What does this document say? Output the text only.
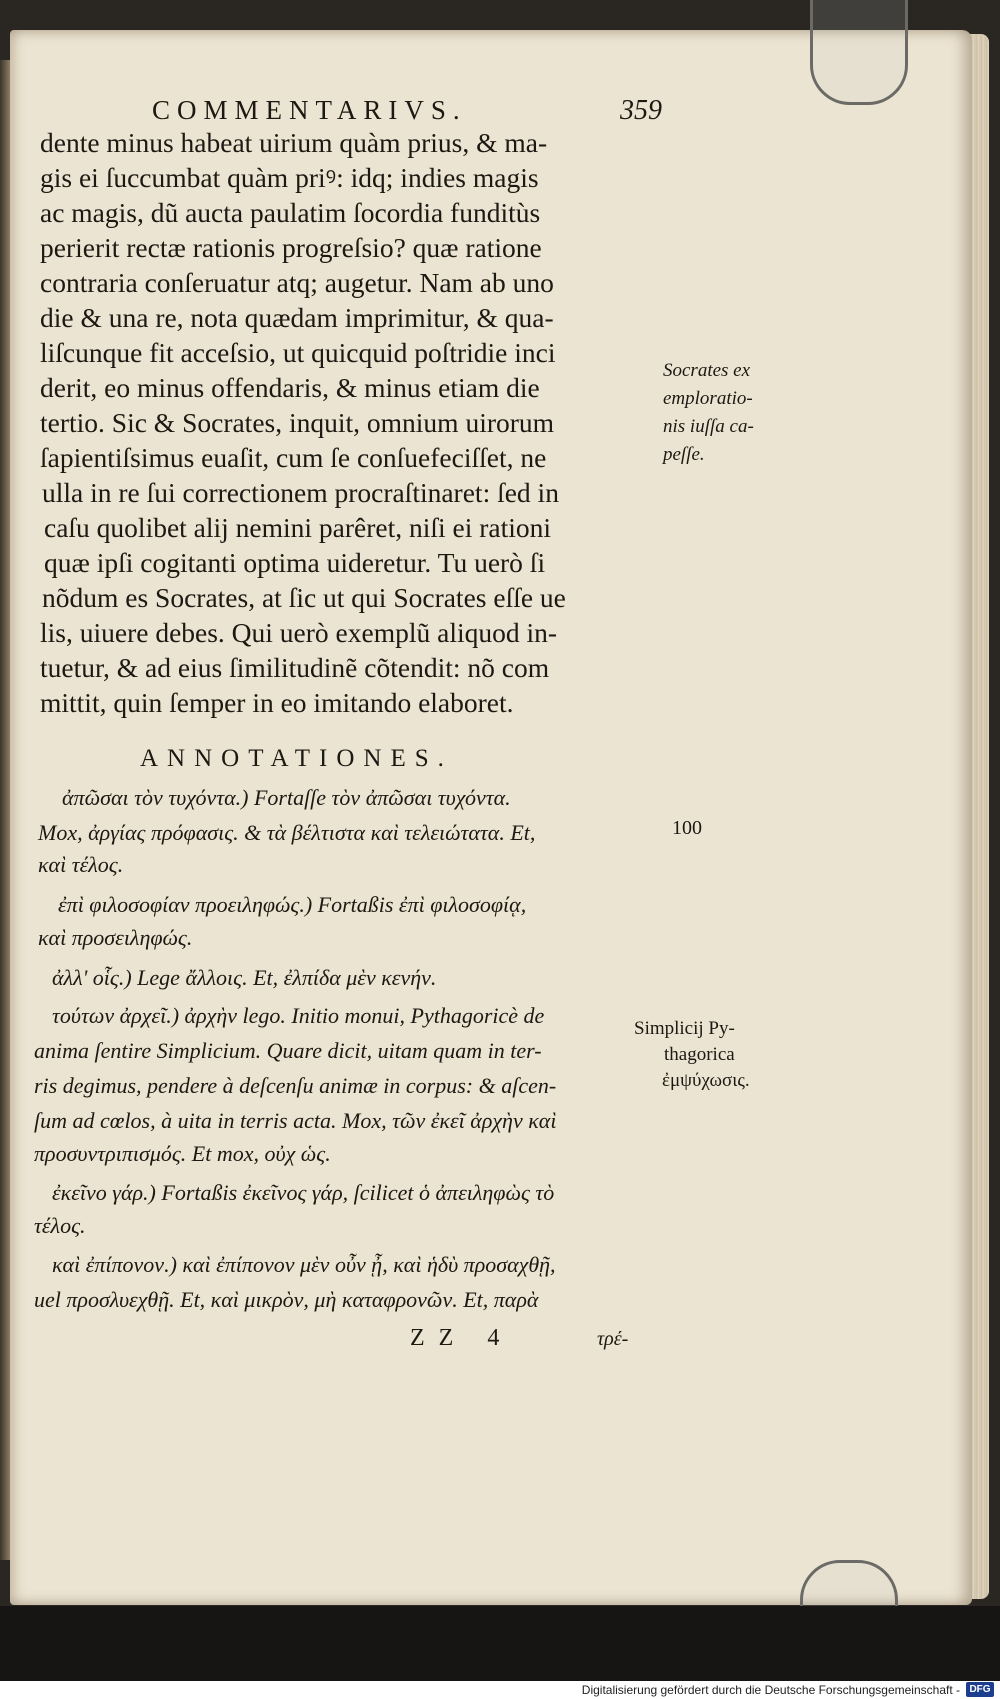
COMMENTARIVS.	359
dente minus habeat uirium quàm prius, & ma-
gis ei ſuccumbat quàm priꝰ: idq; indies magis
ac magis, dũ aucta paulatim ſocordia funditùs
perierit rectæ rationis progreſsio? quæ ratione
contraria conſeruatur atq; augetur. Nam ab uno
die & una re, nota quædam imprimitur, & qua-
liſcunque fit acceſsio, ut quicquid poſtridie inci
derit, eo minus offendaris, & minus etiam die
tertio. Sic & Socrates, inquit, omnium uirorum
ſapientiſsimus euaſit, cum ſe conſuefeciſſet, ne
ulla in re ſui correctionem procraſtinaret: ſed in
caſu quolibet alij nemini parêret, niſi ei rationi
quæ ipſi cogitanti optima uideretur. Tu uerò ſi
nõdum es Socrates, at ſic ut qui Socrates eſſe ue
lis, uiuere debes. Qui uerò exemplũ aliquod in-
tuetur, & ad eius ſimilitudinẽ cõtendit: nõ com
mittit, quin ſemper in eo imitando elaboret.
Socrates ex
emploratio-
nis iuſſa ca-
peſſe.
ANNOTATIONES.
ἀπῶσαι τὸν τυχόντα.) Fortaſſe τὸν ἀπῶσαι τυχόντα.
Mox, ἀργίας πρόφασις. & τὰ βέλτιστα καὶ τελειώτατα. Et,
καὶ τέλος.
ἐπὶ φιλοσοφίαν προειληφώς.) Fortaßis ἐπὶ φιλοσοφίᾳ,
καὶ προσειληφώς.
ἀλλ' οἷς.) Lege ἄλλοις. Et, ἐλπίδα μὲν κενήν.
τούτων ἀρχεῖ.) ἀρχὴν lego. Initio monui, Pythagoricè de
anima ſentire Simplicium. Quare dicit, uitam quam in ter-
ris degimus, pendere à deſcenſu animæ in corpus: & aſcen-
ſum ad cœlos, à uita in terris acta. Mox, τῶν ἐκεῖ ἀρχὴν καὶ
προσυντριπισμός. Et mox, οὐχ ὡς.
ἐκεῖνο γάρ.) Fortaßis ἐκεῖνος γάρ, ſcilicet ὁ ἀπειληφὼς τὸ
τέλος.
καὶ ἐπίπονον.) καὶ ἐπίπονον μὲν οὖν ᾖ, καὶ ἡδὺ προσαχθῇ,
uel προσλυεχθῇ. Et, καὶ μικρὸν, μὴ καταφρονῶν. Et, παρὰ
100
Simplicij Py-
thagorica
ἐμψύχωσις.
ZZ 4	τρέ-
Digitalisierung gefördert durch die Deutsche Forschungsgemeinschaft - DFG
